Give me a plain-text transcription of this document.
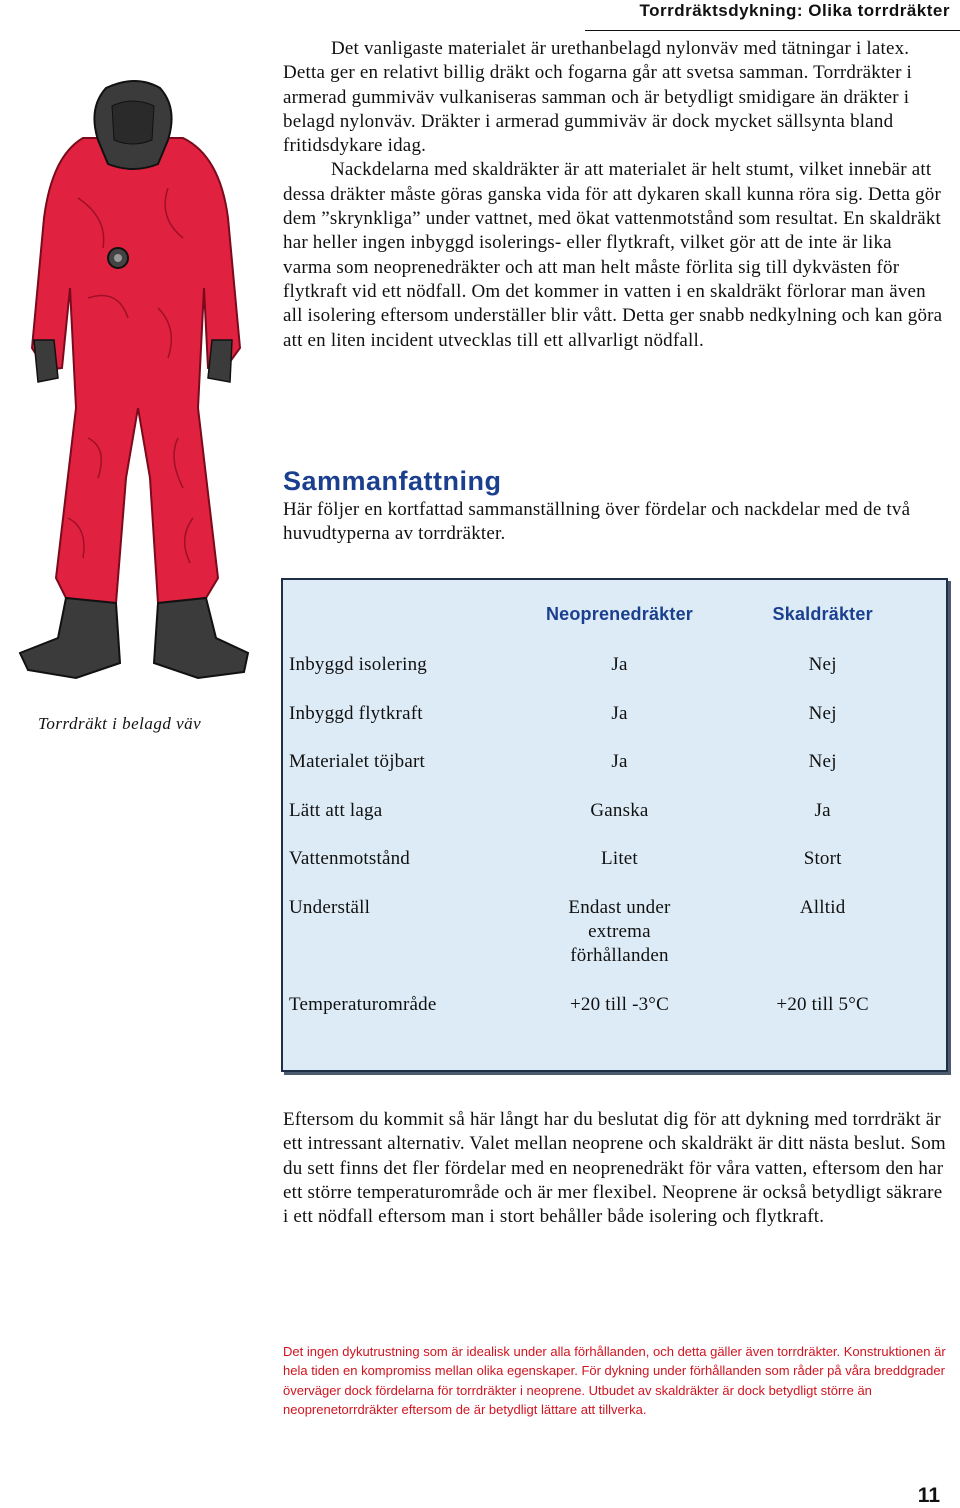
Torrdräktsdykning: Olika torrdräkter

Det vanligaste materialet är urethanbelagd nylonväv med tätningar i latex. Detta ger en relativt billig dräkt och fogarna går att svetsa samman. Torrdräkter i armerad gummiväv vulkaniseras samman och är betydligt smidigare än dräkter i belagd nylonväv. Dräkter i armerad gummiväv är dock mycket sällsynta bland fritidsdykare idag.

Nackdelarna med skaldräkter är att materialet är helt stumt, vilket innebär att dessa dräkter måste göras ganska vida för att dykaren skall kunna röra sig. Detta gör dem ”skrynkliga” under vattnet, med ökat vattenmotstånd som resultat. En skaldräkt har heller ingen inbyggd isolerings- eller flytkraft, vilket gör att de inte är lika varma som neoprenedräkter och att man helt måste förlita sig till dykvästen för flytkraft vid ett nödfall. Om det kommer in vatten i en skaldräkt förlorar man även all isolering eftersom underställer blir vått. Detta ger snabb nedkylning och kan göra att en liten incident utvecklas till ett allvarligt nödfall.

Torrdräkt i belagd väv
Sammanfattning

Här följer en kortfattad sammanställning över fördelar och nackdelar med de två huvudtyperna av torrdräkter.

	Neoprenedräkter	Skaldräkter
Inbyggd isolering	Ja	Nej
Inbyggd flytkraft	Ja	Nej
Materialet töjbart	Ja	Nej
Lätt att laga	Ganska	Ja
Vattenmotstånd	Litet	Stort
Underställ	Endast under extrema förhållanden	Alltid
Temperaturområde	+20 till -3°C	+20 till 5°C

Eftersom du kommit så här långt har du beslutat dig för att dykning med torrdräkt är ett intressant alternativ. Valet mellan neoprene och skaldräkt är ditt nästa beslut. Som du sett finns det fler fördelar med en neoprenedräkt för våra vatten, eftersom den har ett större temperaturområde och är mer flexibel. Neoprene är också betydligt säkrare i ett nödfall eftersom man i stort behåller både isolering och flytkraft.

Det ingen dykutrustning som är idealisk under alla förhållanden, och detta gäller även torrdräkter. Konstruktionen är hela tiden en kompromiss mellan olika egenskaper. För dykning under förhållanden som råder på våra breddgrader överväger dock fördelarna för torrdräkter i neoprene. Utbudet av skaldräkter är dock betydligt större än neoprenetorrdräkter eftersom de är betydligt lättare att tillverka.

11
